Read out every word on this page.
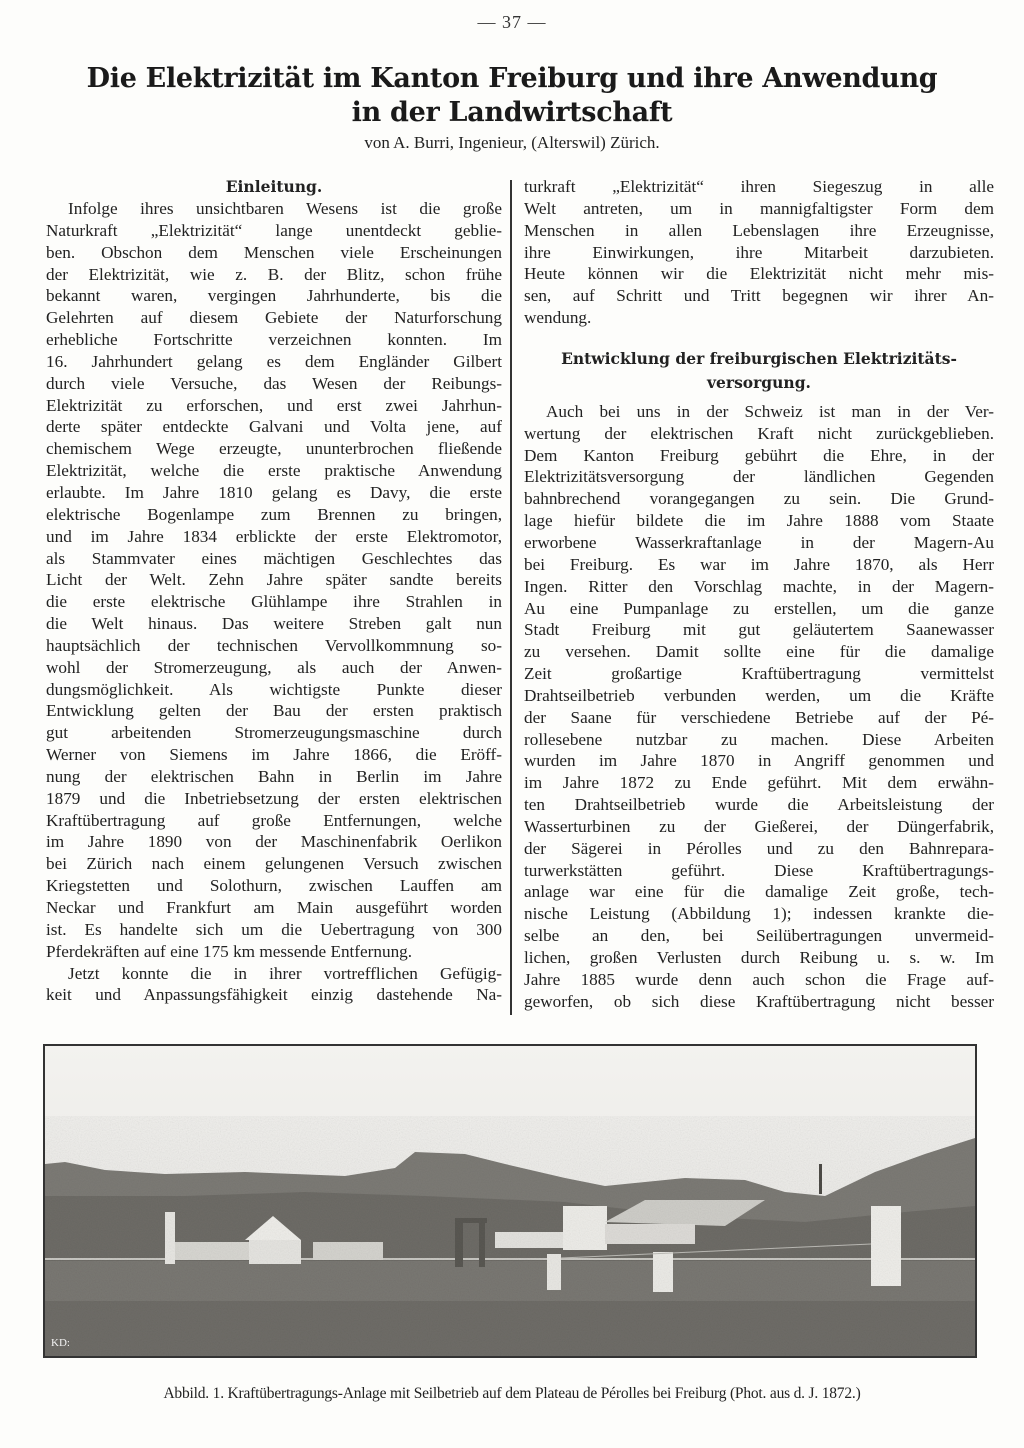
— 37 —
Die Elektrizität im Kanton Freiburg und ihre Anwendung
in der Landwirtschaft
von A. Burri, Ingenieur, (Alterswil) Zürich.
Einleitung.
Infolge ihres unsichtbaren Wesens ist die große
Naturkraft „Elektrizität“ lange unentdeckt geblie-
ben. Obschon dem Menschen viele Erscheinungen
der Elektrizität, wie z. B. der Blitz, schon frühe
bekannt waren, vergingen Jahrhunderte, bis die
Gelehrten auf diesem Gebiete der Naturforschung
erhebliche Fortschritte verzeichnen konnten. Im
16. Jahrhundert gelang es dem Engländer Gilbert
durch viele Versuche, das Wesen der Reibungs-
Elektrizität zu erforschen, und erst zwei Jahrhun-
derte später entdeckte Galvani und Volta jene, auf
chemischem Wege erzeugte, ununterbrochen fließende
Elektrizität, welche die erste praktische Anwendung
erlaubte. Im Jahre 1810 gelang es Davy, die erste
elektrische Bogenlampe zum Brennen zu bringen,
und im Jahre 1834 erblickte der erste Elektromotor,
als Stammvater eines mächtigen Geschlechtes das
Licht der Welt. Zehn Jahre später sandte bereits
die erste elektrische Glühlampe ihre Strahlen in
die Welt hinaus. Das weitere Streben galt nun
hauptsächlich der technischen Vervollkommnung so-
wohl der Stromerzeugung, als auch der Anwen-
dungsmöglichkeit. Als wichtigste Punkte dieser
Entwicklung gelten der Bau der ersten praktisch
gut arbeitenden Stromerzeugungsmaschine durch
Werner von Siemens im Jahre 1866, die Eröff-
nung der elektrischen Bahn in Berlin im Jahre
1879 und die Inbetriebsetzung der ersten elektrischen
Kraftübertragung auf große Entfernungen, welche
im Jahre 1890 von der Maschinenfabrik Oerlikon
bei Zürich nach einem gelungenen Versuch zwischen
Kriegstetten und Solothurn, zwischen Lauffen am
Neckar und Frankfurt am Main ausgeführt worden
ist. Es handelte sich um die Uebertragung von 300
Pferdekräften auf eine 175 km messende Entfernung.
Jetzt konnte die in ihrer vortrefflichen Gefügig-
keit und Anpassungsfähigkeit einzig dastehende Na-
turkraft „Elektrizität“ ihren Siegeszug in alle
Welt antreten, um in mannigfaltigster Form dem
Menschen in allen Lebenslagen ihre Erzeugnisse,
ihre Einwirkungen, ihre Mitarbeit darzubieten.
Heute können wir die Elektrizität nicht mehr mis-
sen, auf Schritt und Tritt begegnen wir ihrer An-
wendung.
Entwicklung der freiburgischen Elektrizitäts-
versorgung.
Auch bei uns in der Schweiz ist man in der Ver-
wertung der elektrischen Kraft nicht zurückgeblieben.
Dem Kanton Freiburg gebührt die Ehre, in der
Elektrizitätsversorgung der ländlichen Gegenden
bahnbrechend vorangegangen zu sein. Die Grund-
lage hiefür bildete die im Jahre 1888 vom Staate
erworbene Wasserkraftanlage in der Magern-Au
bei Freiburg. Es war im Jahre 1870, als Herr
Ingen. Ritter den Vorschlag machte, in der Magern-
Au eine Pumpanlage zu erstellen, um die ganze
Stadt Freiburg mit gut geläutertem Saanewasser
zu versehen. Damit sollte eine für die damalige
Zeit großartige Kraftübertragung vermittelst
Drahtseilbetrieb verbunden werden, um die Kräfte
der Saane für verschiedene Betriebe auf der Pé-
rollesebene nutzbar zu machen. Diese Arbeiten
wurden im Jahre 1870 in Angriff genommen und
im Jahre 1872 zu Ende geführt. Mit dem erwähn-
ten Drahtseilbetrieb wurde die Arbeitsleistung der
Wasserturbinen zu der Gießerei, der Düngerfabrik,
der Sägerei in Pérolles und zu den Bahnrepara-
turwerkstätten geführt. Diese Kraftübertragungs-
anlage war eine für die damalige Zeit große, tech-
nische Leistung (Abbildung 1); indessen krankte die-
selbe an den, bei Seilübertragungen unvermeid-
lichen, großen Verlusten durch Reibung u. s. w. Im
Jahre 1885 wurde denn auch schon die Frage auf-
geworfen, ob sich diese Kraftübertragung nicht besser
KD:
Abbild. 1. Kraftübertragungs-Anlage mit Seilbetrieb auf dem Plateau de Pérolles bei Freiburg (Phot. aus d. J. 1872.)
